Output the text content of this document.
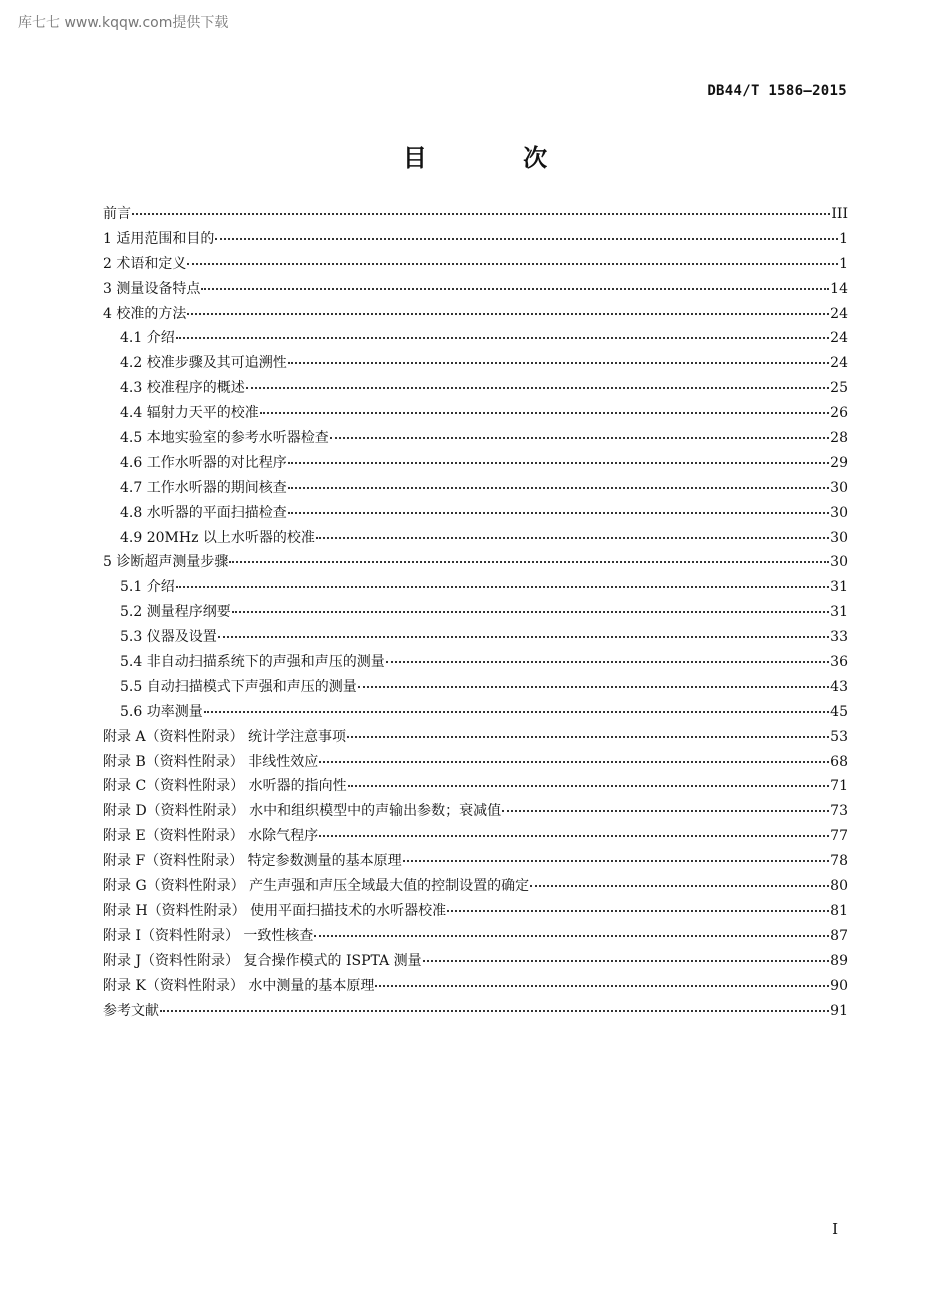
库七七 www.kqqw.com提供下载
DB44/T 1586—2015
目 次
前言	III
1 适用范围和目的	1
2 术语和定义	1
3 测量设备特点	14
4 校准的方法	24
4.1 介绍	24
4.2 校准步骤及其可追溯性	24
4.3 校准程序的概述	25
4.4 辐射力天平的校准	26
4.5 本地实验室的参考水听器检查	28
4.6 工作水听器的对比程序	29
4.7 工作水听器的期间核查	30
4.8 水听器的平面扫描检查	30
4.9 20MHz 以上水听器的校准	30
5 诊断超声测量步骤	30
5.1 介绍	31
5.2 测量程序纲要	31
5.3 仪器及设置	33
5.4 非自动扫描系统下的声强和声压的测量	36
5.5 自动扫描模式下声强和声压的测量	43
5.6 功率测量	45
附录 A（资料性附录） 统计学注意事项	53
附录 B（资料性附录） 非线性效应	68
附录 C（资料性附录） 水听器的指向性	71
附录 D（资料性附录） 水中和组织模型中的声输出参数；衰减值	73
附录 E（资料性附录） 水除气程序	77
附录 F（资料性附录） 特定参数测量的基本原理	78
附录 G（资料性附录） 产生声强和声压全域最大值的控制设置的确定	80
附录 H（资料性附录） 使用平面扫描技术的水听器校准	81
附录 I（资料性附录） 一致性核查	87
附录 J（资料性附录） 复合操作模式的 ISPTA 测量	89
附录 K（资料性附录） 水中测量的基本原理	90
参考文献	91
I
